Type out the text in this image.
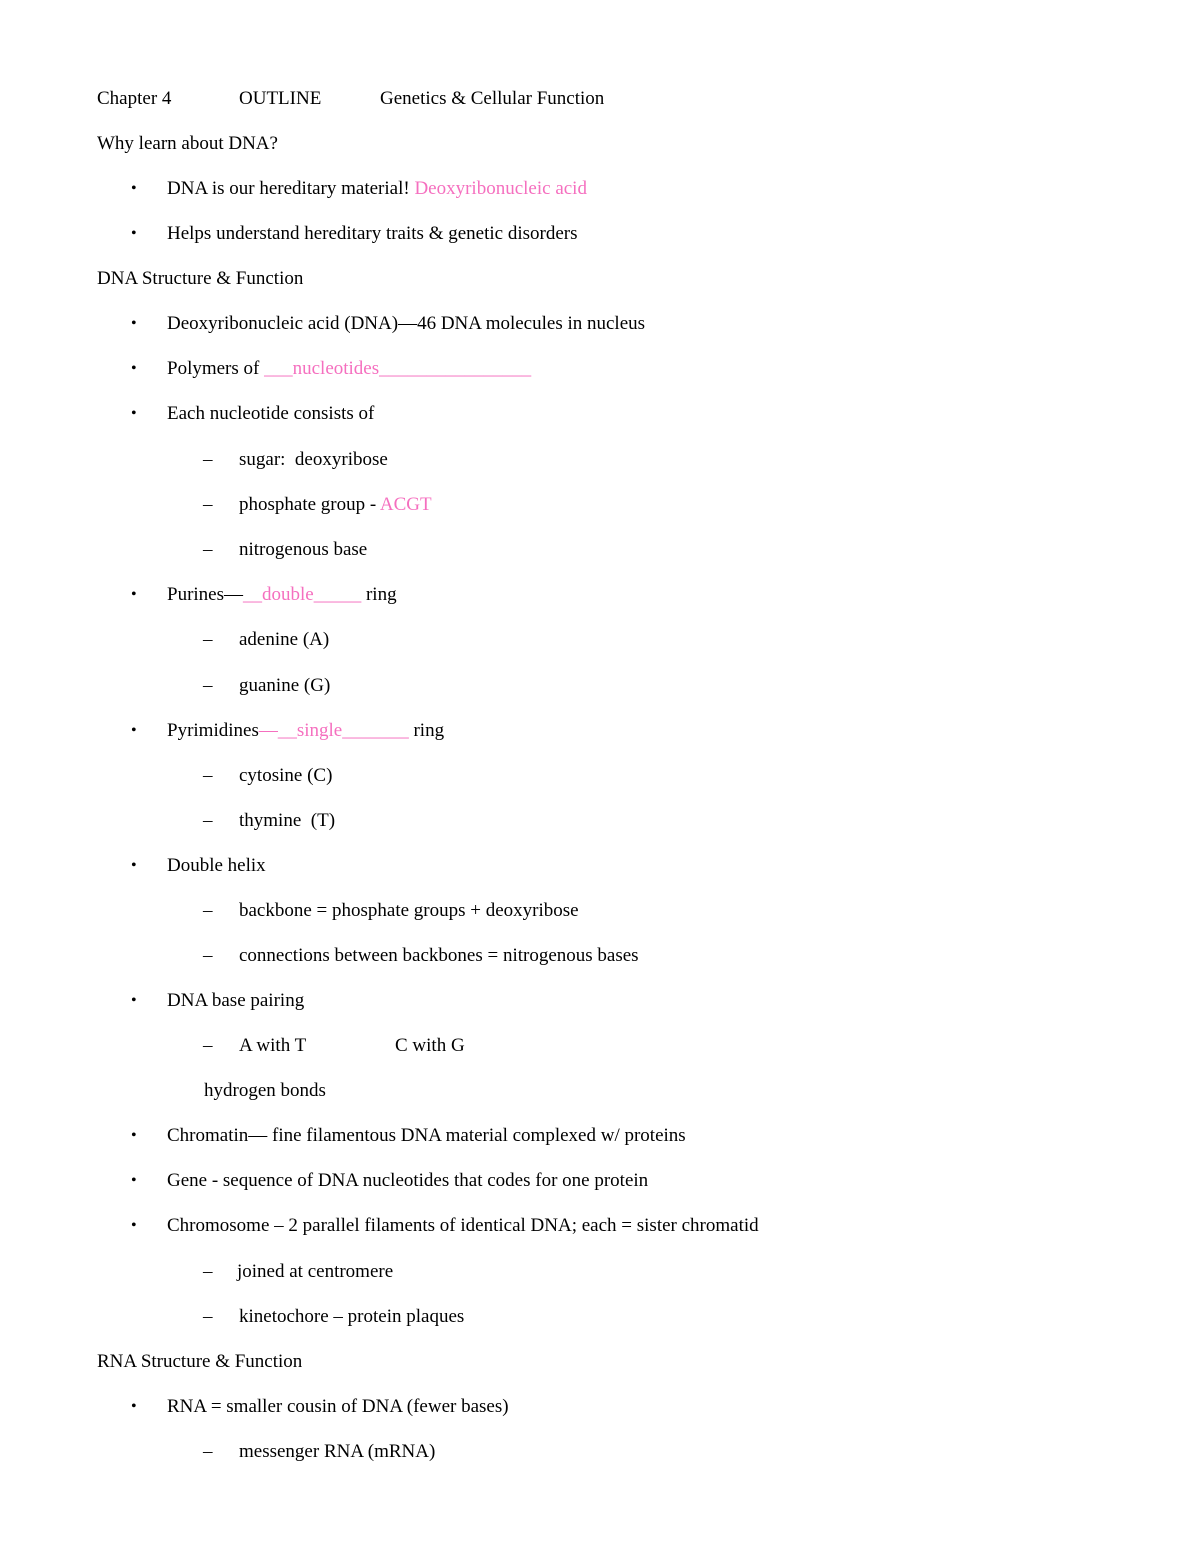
Chapter 4	OUTLINE	Genetics & Cellular Function
Why learn about DNA?
•	DNA is our hereditary material! Deoxyribonucleic acid
•	Helps understand hereditary traits & genetic disorders
DNA Structure & Function
•	Deoxyribonucleic acid (DNA)—46 DNA molecules in nucleus
•	Polymers of ___nucleotides________________
•	Each nucleotide consists of
– sugar:  deoxyribose
– phosphate group - ACGT
– nitrogenous base
•	Purines—__double_____ ring
– adenine (A)
– guanine (G)
•	Pyrimidines—__single_______ ring
– cytosine (C)
– thymine  (T)
•	Double helix
– backbone = phosphate groups + deoxyribose
– connections between backbones = nitrogenous bases
•	DNA base pairing
– A with T	C with G
hydrogen bonds
•	Chromatin— fine filamentous DNA material complexed w/ proteins
•	Gene - sequence of DNA nucleotides that codes for one protein
•	Chromosome – 2 parallel filaments of identical DNA; each = sister chromatid
– joined at centromere
– kinetochore – protein plaques
RNA Structure & Function
•	RNA = smaller cousin of DNA (fewer bases)
– messenger RNA (mRNA)
